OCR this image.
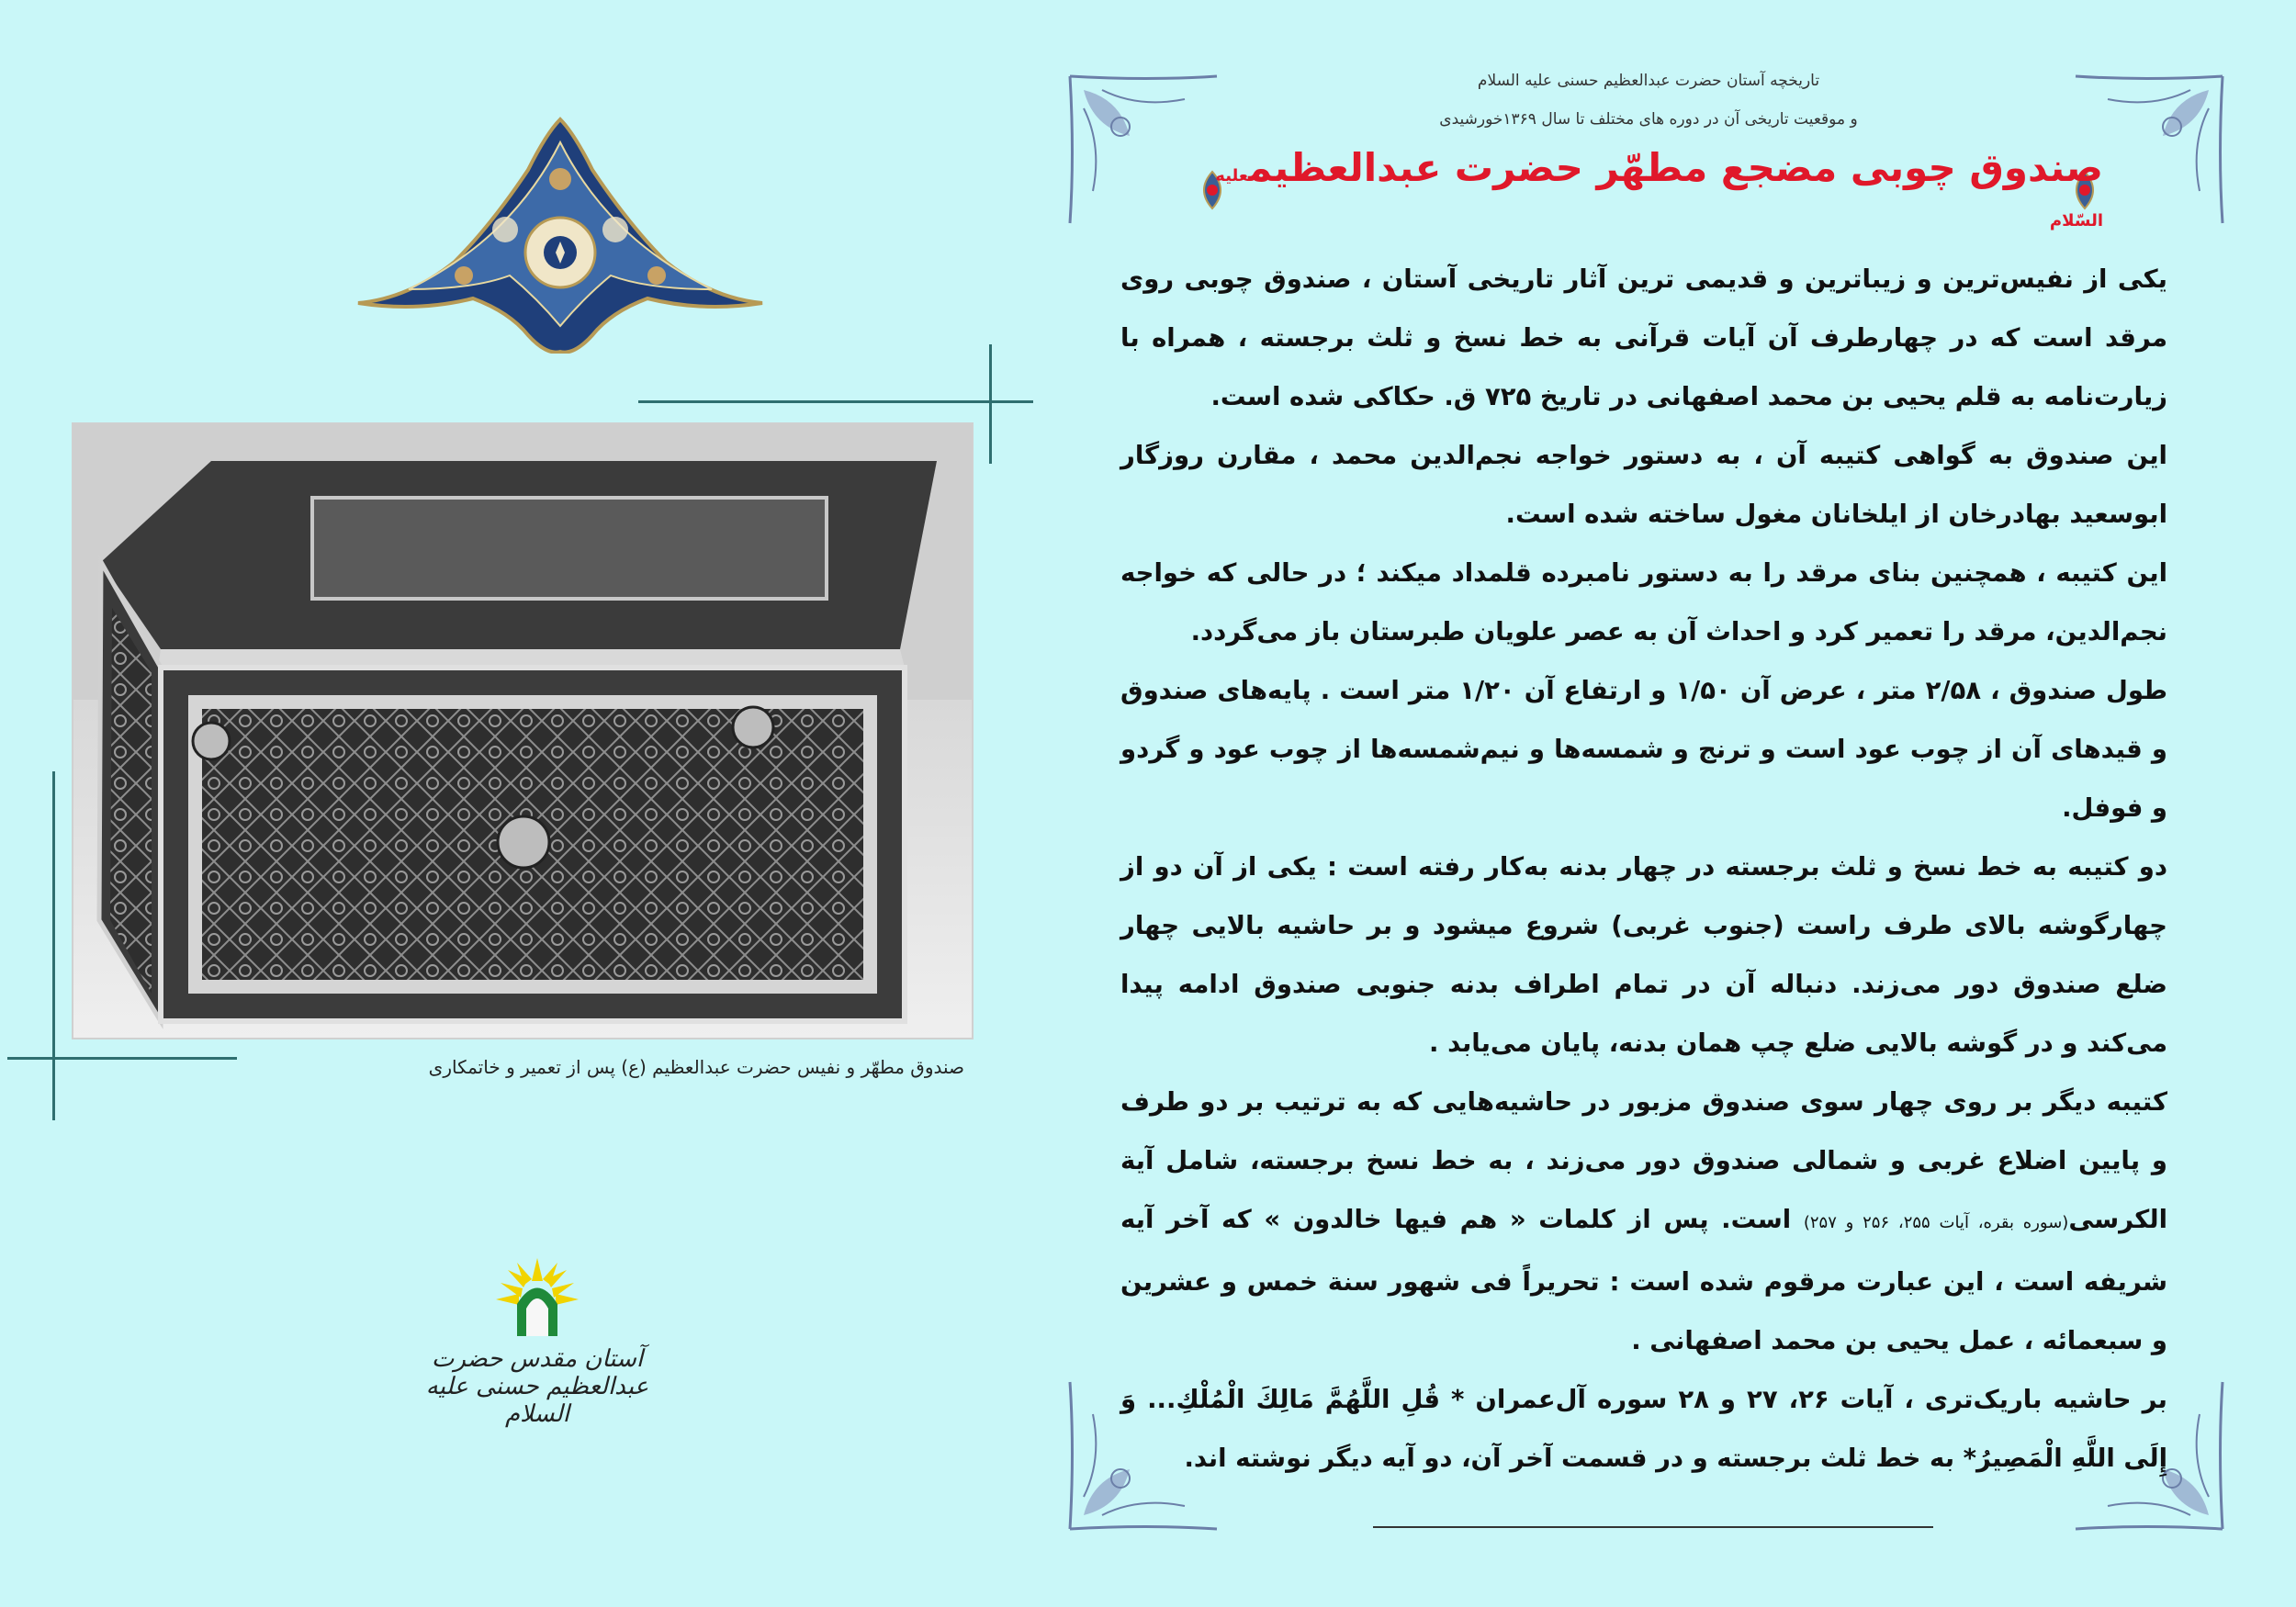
صندوق مطهّر و نفیس حضرت عبدالعظیم (ع) پس از تعمیر و خاتمکاری
آستان مقدس حضرت عبدالعظیم حسنی علیه السلام
تاریخچه آستان حضرت عبدالعظیم حسنی علیه السلام
و موقعیت تاریخی آن در دوره های مختلف تا سال ۱۳۶۹خورشیدی
صندوق چوبی مضجع مطهّر حضرت عبدالعظیمعلیه السّلام

یکی از نفیس‌ترین و زیباترین و قدیمی ترین آثار تاریخی آستان ، صندوق چوبی روی مرقد است که در چهارطرف آن آیات قرآنی به خط نسخ و ثلث برجسته ، همراه با زیارت‌نامه به قلم یحیی بن محمد اصفهانی در تاریخ ۷۲۵ ق. حکاکی شده است.

این صندوق به گواهی کتیبه آن ، به دستور خواجه نجم‌الدین محمد ، مقارن روزگار ابوسعید بهادرخان از ایلخانان مغول ساخته شده است.

این کتیبه ، همچنین بنای مرقد را به دستور نامبرده قلمداد میکند ؛ در حالی که خواجه نجم‌الدین، مرقد را تعمیر کرد و احداث آن به عصر علویان طبرستان باز می‌گردد.

طول صندوق ، ۲/۵۸ متر ، عرض آن ۱/۵۰ و ارتفاع آن ۱/۲۰ متر است . پایه‌های صندوق و قیدهای آن از چوب عود است و ترنج و شمسه‌ها و نیم‌شمسه‌ها از چوب عود و گردو و فوفل.

دو کتیبه به خط نسخ و ثلث برجسته در چهار بدنه به‌کار رفته است : یکی از آن دو از چهارگوشه بالای طرف راست (جنوب غربی) شروع میشود و بر حاشیه بالایی چهار ضلع صندوق دور می‌زند. دنباله آن در تمام اطراف بدنه جنوبی صندوق ادامه پیدا می‌کند و در گوشه بالایی ضلع چپ همان بدنه، پایان می‌یابد .

کتیبه دیگر بر روی چهار سوی صندوق مزبور در حاشیه‌هایی که به ترتیب بر دو طرف و پایین اضلاع غربی و شمالی صندوق دور می‌زند ، به خط نسخ برجسته، شامل آیة الکرسی(سوره بقره، آیات ۲۵۵، ۲۵۶ و ۲۵۷) است. پس از کلمات « هم فیها خالدون » که آخر آیه شریفه است ، این عبارت مرقوم شده است : تحریراً فی شهور سنة خمس و عشرین و سبعمائه ، عمل یحیی بن محمد اصفهانی .

بر حاشیه باریک‌تری ، آیات ۲۶، ۲۷ و ۲۸ سوره آل‌عمران * قُلِ اللَّهُمَّ مَالِكَ الْمُلْكِ... وَ إِلَى اللَّهِ الْمَصِيرُ* به خط ثلث برجسته و در قسمت آخر آن، دو آیه دیگر نوشته اند.
